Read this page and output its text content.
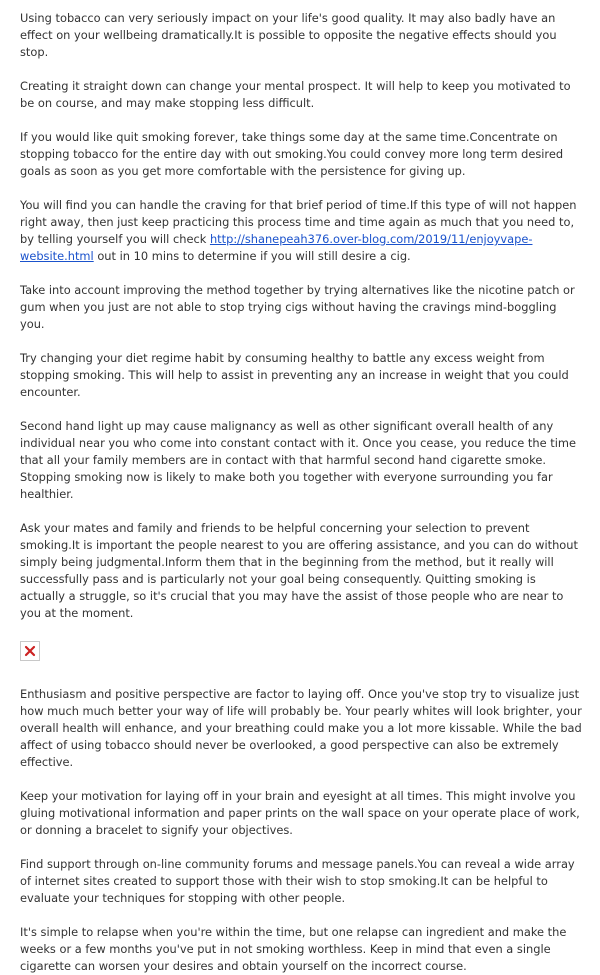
Using tobacco can very seriously impact on your life's good quality. It may also badly have an effect on your wellbeing dramatically.It is possible to opposite the negative effects should you stop.

Creating it straight down can change your mental prospect. It will help to keep you motivated to be on course, and may make stopping less difficult.

If you would like quit smoking forever, take things some day at the same time.Concentrate on stopping tobacco for the entire day with out smoking.You could convey more long term desired goals as soon as you get more comfortable with the persistence for giving up.

You will find you can handle the craving for that brief period of time.If this type of will not happen right away, then just keep practicing this process time and time again as much that you need to, by telling yourself you will check http://shanepeah376.over-blog.com/2019/11/enjoyvape-website.html out in 10 mins to determine if you will still desire a cig.

Take into account improving the method together by trying alternatives like the nicotine patch or gum when you just are not able to stop trying cigs without having the cravings mind-boggling you.

Try changing your diet regime habit by consuming healthy to battle any excess weight from stopping smoking. This will help to assist in preventing any an increase in weight that you could encounter.

Second hand light up may cause malignancy as well as other significant overall health of any individual near you who come into constant contact with it. Once you cease, you reduce the time that all your family members are in contact with that harmful second hand cigarette smoke. Stopping smoking now is likely to make both you together with everyone surrounding you far healthier.

Ask your mates and family and friends to be helpful concerning your selection to prevent smoking.It is important the people nearest to you are offering assistance, and you can do without simply being judgmental.Inform them that in the beginning from the method, but it really will successfully pass and is particularly not your goal being consequently. Quitting smoking is actually a struggle, so it's crucial that you may have the assist of those people who are near to you at the moment.

Enthusiasm and positive perspective are factor to laying off. Once you've stop try to visualize just how much much better your way of life will probably be. Your pearly whites will look brighter, your overall health will enhance, and your breathing could make you a lot more kissable. While the bad affect of using tobacco should never be overlooked, a good perspective can also be extremely effective.

Keep your motivation for laying off in your brain and eyesight at all times. This might involve you gluing motivational information and paper prints on the wall space on your operate place of work, or donning a bracelet to signify your objectives.

Find support through on-line community forums and message panels.You can reveal a wide array of internet sites created to support those with their wish to stop smoking.It can be helpful to evaluate your techniques for stopping with other people.

It's simple to relapse when you're within the time, but one relapse can ingredient and make the weeks or a few months you've put in not smoking worthless. Keep in mind that even a single cigarette can worsen your desires and obtain yourself on the incorrect course.
